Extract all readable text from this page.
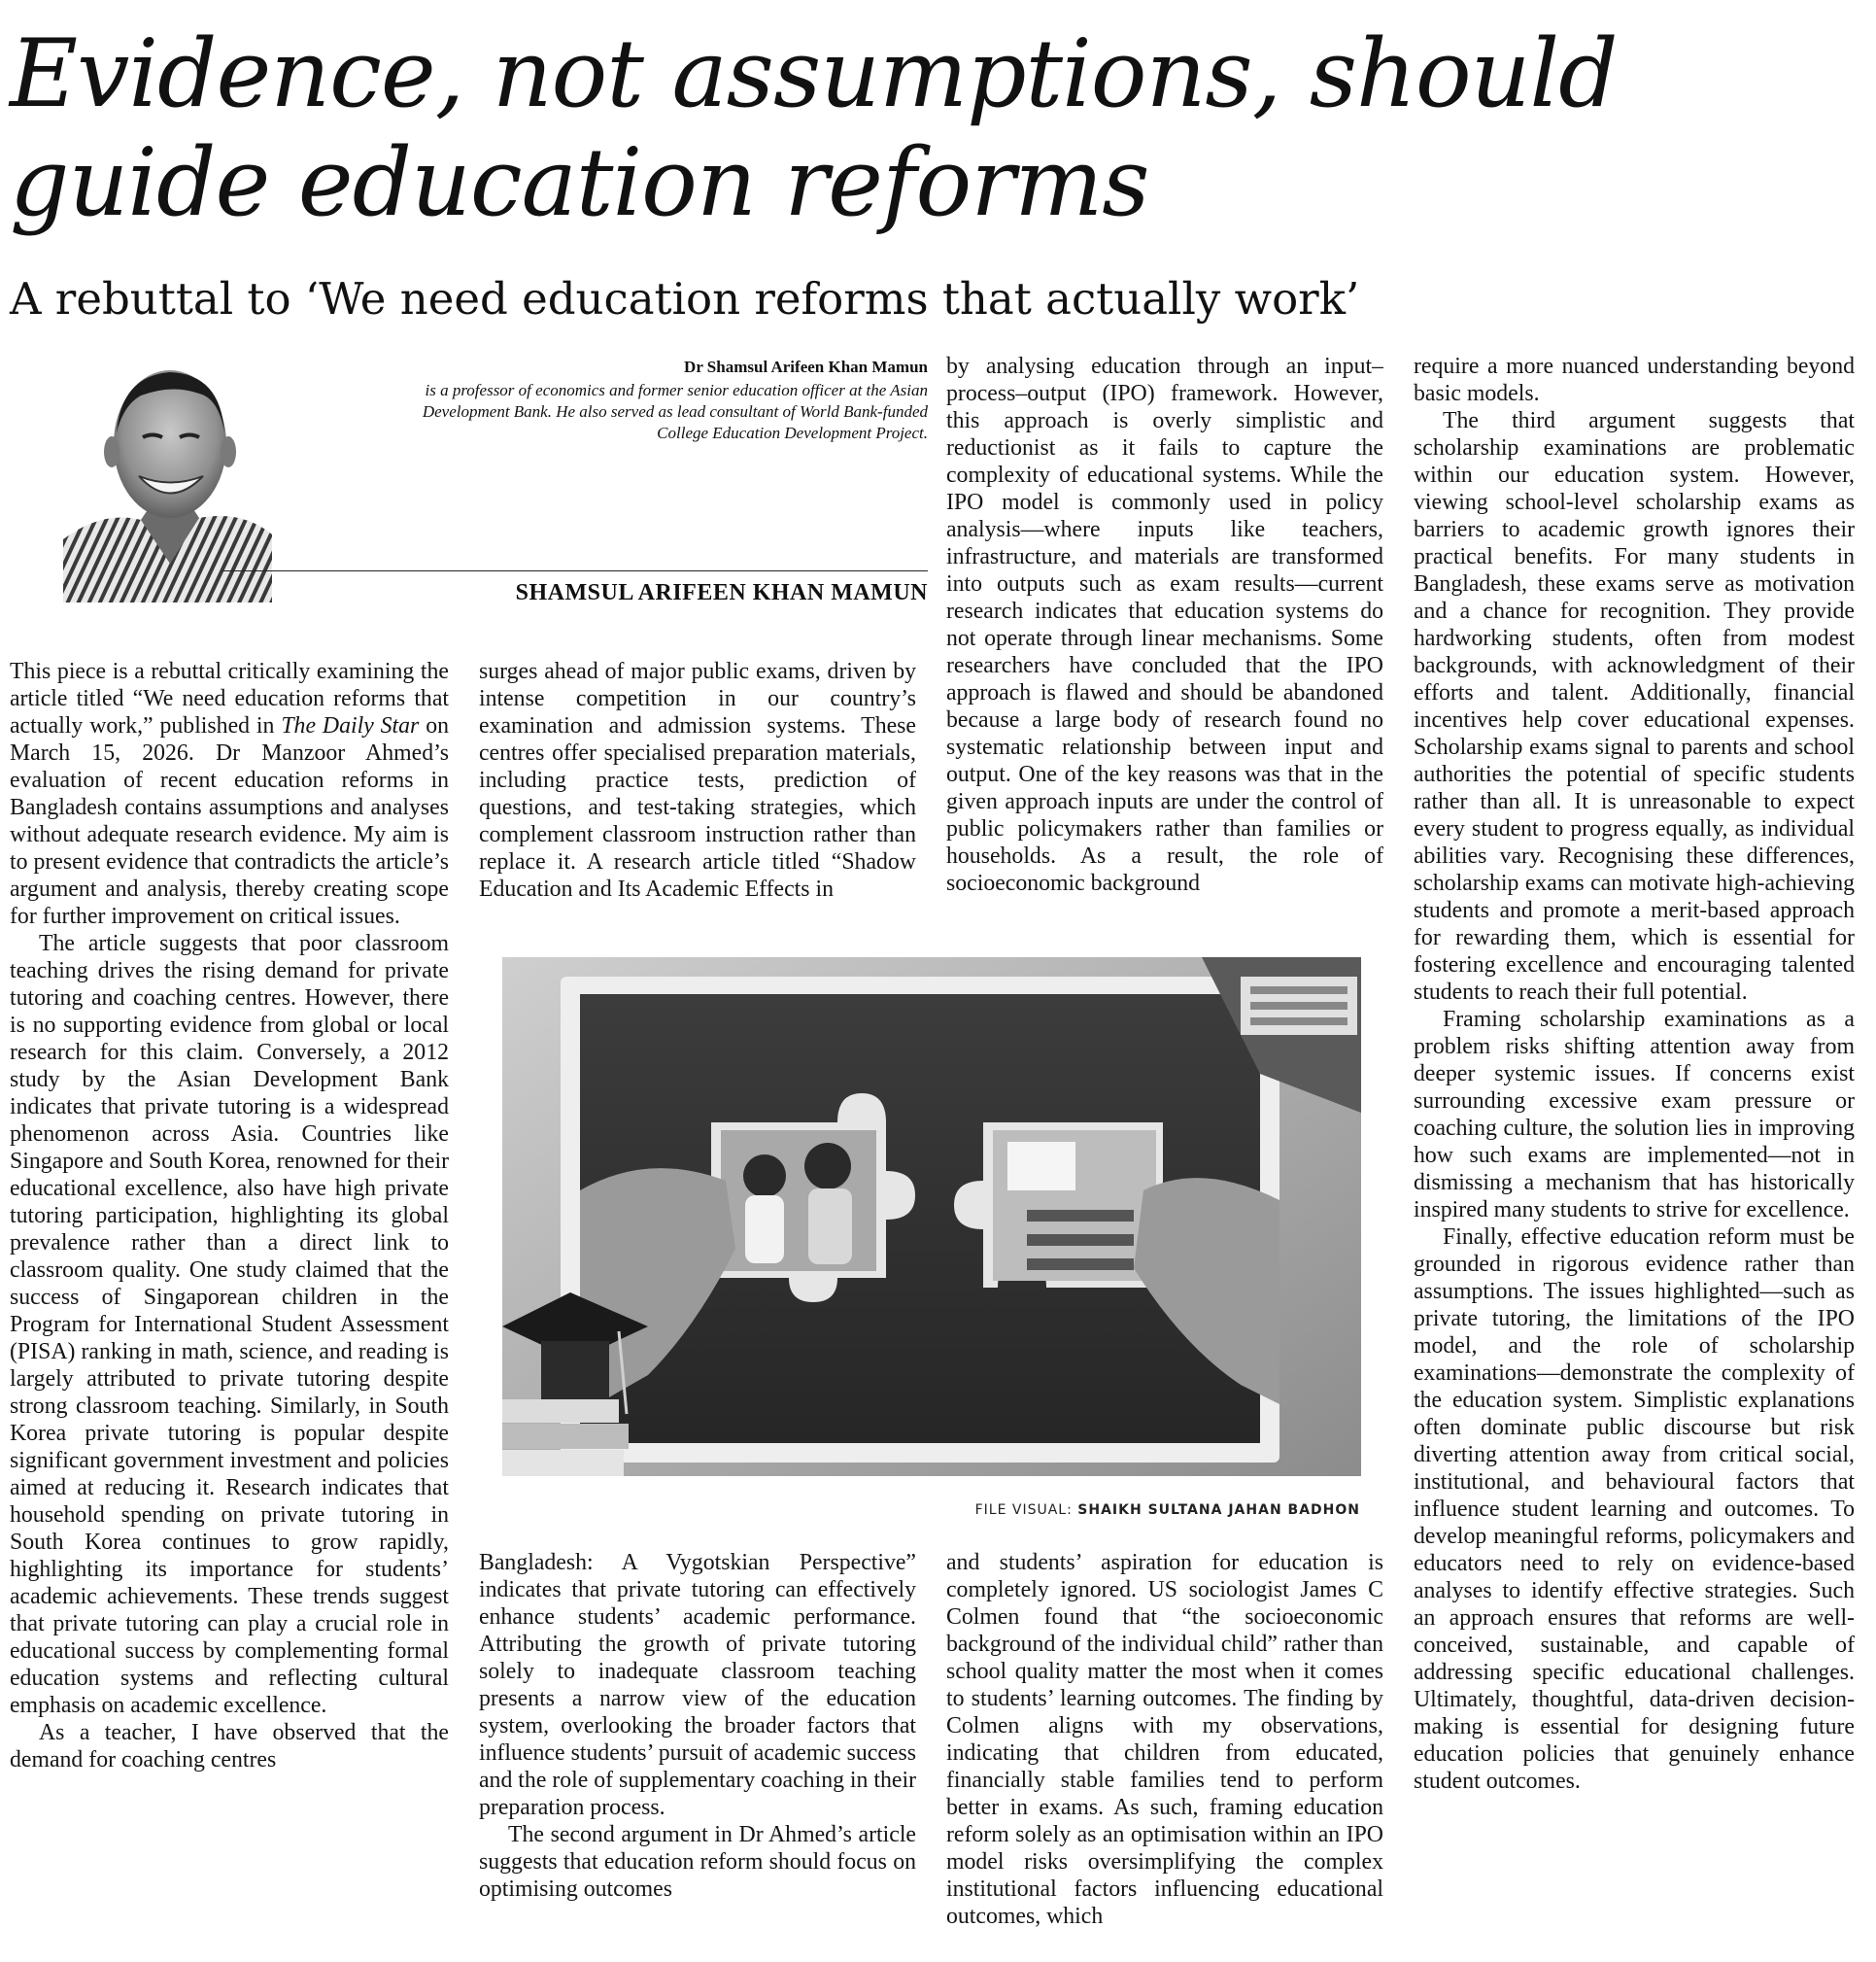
Evidence, not assumptions, should guide education reforms
A rebuttal to ‘We need education reforms that actually work’

Dr Shamsul Arifeen Khan Mamun

is a professor of economics and former senior education officer at the Asian Development Bank. He also served as lead consultant of World Bank-funded College Education Development Project.

SHAMSUL ARIFEEN KHAN MAMUN

This piece is a rebuttal critically examining the article titled “We need education reforms that actually work,” published in The Daily Star on March 15, 2026. Dr Manzoor Ahmed’s evaluation of recent education reforms in Bangladesh contains assumptions and analyses without adequate research evidence. My aim is to present evidence that contradicts the article’s argument and analysis, thereby creating scope for further improvement on critical issues.

The article suggests that poor classroom teaching drives the rising demand for private tutoring and coaching centres. However, there is no supporting evidence from global or local research for this claim. Conversely, a 2012 study by the Asian Development Bank indicates that private tutoring is a widespread phenomenon across Asia. Countries like Singapore and South Korea, renowned for their educational excellence, also have high private tutoring participation, highlighting its global prevalence rather than a direct link to classroom quality. One study claimed that the success of Singaporean children in the Program for International Student Assessment (PISA) ranking in math, science, and reading is largely attributed to private tutoring despite strong classroom teaching. Similarly, in South Korea private tutoring is popular despite significant government investment and policies aimed at reducing it. Research indicates that household spending on private tutoring in South Korea continues to grow rapidly, highlighting its importance for students’ academic achievements. These trends suggest that private tutoring can play a crucial role in educational success by complementing formal education systems and reflecting cultural emphasis on academic excellence.

As a teacher, I have observed that the demand for coaching centres

surges ahead of major public exams, driven by intense competition in our country’s examination and admission systems. These centres offer specialised preparation materials, including practice tests, prediction of questions, and test-taking strategies, which complement classroom instruction rather than replace it. A research article titled “Shadow Education and Its Academic Effects in

by analysing education through an input–process–output (IPO) framework. However, this approach is overly simplistic and reductionist as it fails to capture the complexity of educational systems. While the IPO model is commonly used in policy analysis—where inputs like teachers, infrastructure, and materials are transformed into outputs such as exam results—current research indicates that education systems do not operate through linear mechanisms. Some researchers have concluded that the IPO approach is flawed and should be abandoned because a large body of research found no systematic relationship between input and output. One of the key reasons was that in the given approach inputs are under the control of public policymakers rather than families or households. As a result, the role of socioeconomic background

FILE VISUAL: SHAIKH SULTANA JAHAN BADHON

Bangladesh: A Vygotskian Perspective” indicates that private tutoring can effectively enhance students’ academic performance. Attributing the growth of private tutoring solely to inadequate classroom teaching presents a narrow view of the education system, overlooking the broader factors that influence students’ pursuit of academic success and the role of supplementary coaching in their preparation process.

The second argument in Dr Ahmed’s article suggests that education reform should focus on optimising outcomes

and students’ aspiration for education is completely ignored. US sociologist James C Colmen found that “the socioeconomic background of the individual child” rather than school quality matter the most when it comes to students’ learning outcomes. The finding by Colmen aligns with my observations, indicating that children from educated, financially stable families tend to perform better in exams. As such, framing education reform solely as an optimisation within an IPO model risks oversimplifying the complex institutional factors influencing educational outcomes, which

require a more nuanced understanding beyond basic models.

The third argument suggests that scholarship examinations are problematic within our education system. However, viewing school-level scholarship exams as barriers to academic growth ignores their practical benefits. For many students in Bangladesh, these exams serve as motivation and a chance for recognition. They provide hardworking students, often from modest backgrounds, with acknowledgment of their efforts and talent. Additionally, financial incentives help cover educational expenses. Scholarship exams signal to parents and school authorities the potential of specific students rather than all. It is unreasonable to expect every student to progress equally, as individual abilities vary. Recognising these differences, scholarship exams can motivate high-achieving students and promote a merit-based approach for rewarding them, which is essential for fostering excellence and encouraging talented students to reach their full potential.

Framing scholarship examinations as a problem risks shifting attention away from deeper systemic issues. If concerns exist surrounding excessive exam pressure or coaching culture, the solution lies in improving how such exams are implemented—not in dismissing a mechanism that has historically inspired many students to strive for excellence.

Finally, effective education reform must be grounded in rigorous evidence rather than assumptions. The issues highlighted—such as private tutoring, the limitations of the IPO model, and the role of scholarship examinations—demonstrate the complexity of the education system. Simplistic explanations often dominate public discourse but risk diverting attention away from critical social, institutional, and behavioural factors that influence student learning and outcomes. To develop meaningful reforms, policymakers and educators need to rely on evidence-based analyses to identify effective strategies. Such an approach ensures that reforms are well-conceived, sustainable, and capable of addressing specific educational challenges. Ultimately, thoughtful, data-driven decision-making is essential for designing future education policies that genuinely enhance student outcomes.
